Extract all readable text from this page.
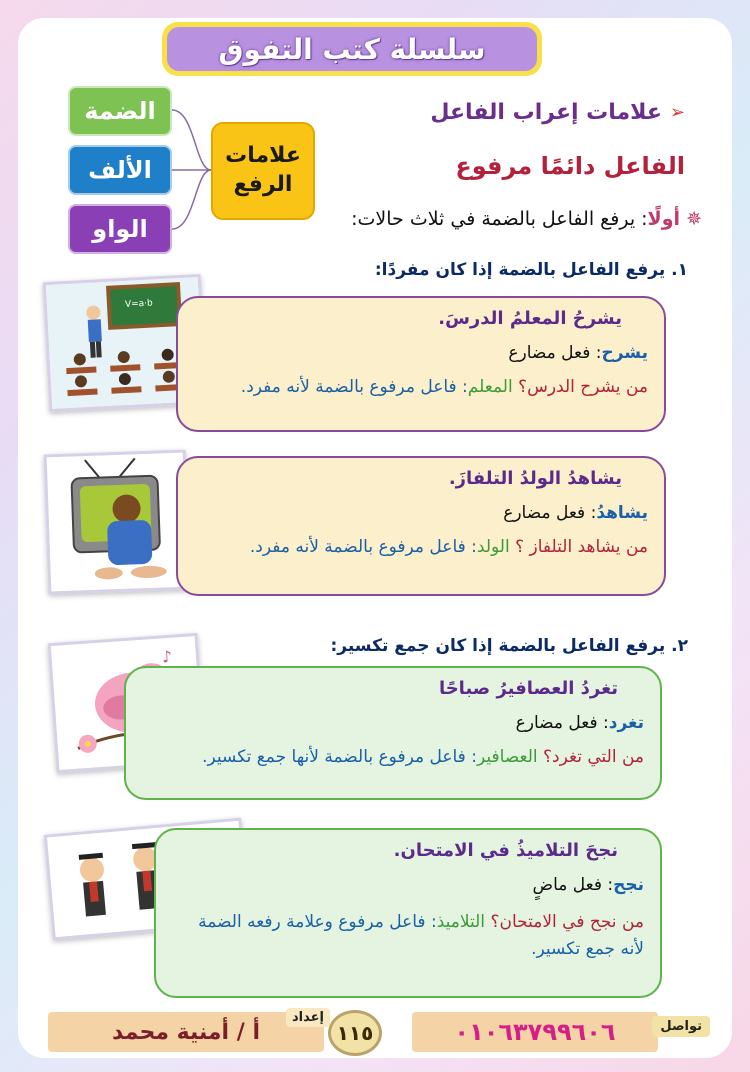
سلسلة كتب التفوق
الضمة
الألف
الواو
علامات الرفع
➢
علامات إعراب الفاعل
الفاعل دائمًا مرفوع
✵ أولًا: يرفع الفاعل بالضمة في ثلاث حالات:
١. يرفع الفاعل بالضمة إذا كان مفردًا:
V=a·b
يشرحُ المعلمُ الدرسَ.
يشرح: فعل مضارع
من يشرح الدرس؟ المعلم: فاعل مرفوع بالضمة لأنه مفرد.
يشاهدُ الولدُ التلفازَ.
يشاهدُ: فعل مضارع
من يشاهد التلفاز ؟ الولد: فاعل مرفوع بالضمة لأنه مفرد.
٢. يرفع الفاعل بالضمة إذا كان جمع تكسير:
♪
تغردُ العصافيرُ صباحًا
تغرد: فعل مضارع
من التي تغرد؟ العصافير: فاعل مرفوع بالضمة لأنها جمع تكسير.
نجحَ التلاميذُ في الامتحان.
نجح: فعل ماضٍ
من نجح في الامتحان؟ التلاميذ: فاعل مرفوع وعلامة رفعه الضمة لأنه جمع تكسير.
إعداد
أ / أمنية محمد	١١٥	٠١٠٦٣٧٩٩٦٠٦	تواصل
